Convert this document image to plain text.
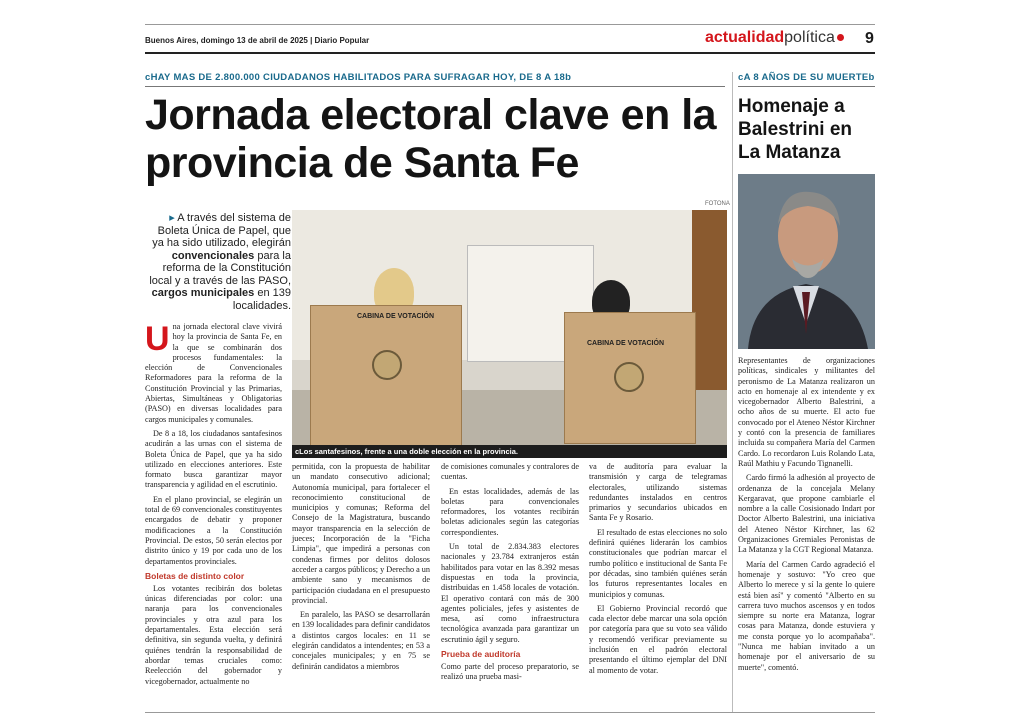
Buenos Aires, domingo 13 de abril de 2025 | Diario Popular	actualidadpolítica	9
cHAY MAS DE 2.800.000 CIUDADANOS HABILITADOS PARA SUFRAGAR HOY, DE 8 A 18b	cA 8 AÑOS DE SU MUERTEb
Jornada electoral clave en la provincia de Santa Fe
Homenaje a Balestrini en La Matanza
▸ A través del sistema de Boleta Única de Papel, que ya ha sido utilizado, elegirán convencionales para la reforma de la Constitución local y a través de las PASO, cargos municipales en 139 localidades.
FOTONA
CABINA DE VOTACIÓN
CABINA DE VOTACIÓN
cLos santafesinos, frente a una doble elección en la provincia.
U na jornada electoral clave vivirá hoy la provincia de Santa Fe, en la que se combinarán dos procesos fundamentales: la elección de Convencionales Reformadores para la reforma de la Constitución Provincial y las Primarias, Abiertas, Simultáneas y Obligatorias (PASO) en diversas localidades para cargos municipales y comunales.

De 8 a 18, los ciudadanos santafesinos acudirán a las urnas con el sistema de Boleta Única de Papel, que ya ha sido utilizado en elecciones anteriores. Este formato busca garantizar mayor transparencia y agilidad en el escrutinio.

En el plano provincial, se elegirán un total de 69 convencionales constituyentes encargados de debatir y proponer modificaciones a la Constitución Provincial. De estos, 50 serán electos por distrito único y 19 por cada uno de los departamentos provinciales.

Boletas de distinto color

Los votantes recibirán dos boletas únicas diferenciadas por color: una naranja para los convencionales provinciales y otra azul para los departamentales. Esta elección será definitiva, sin segunda vuelta, y definirá quiénes tendrán la responsabilidad de abordar temas cruciales como: Reelección del gobernador y vicegobernador, actualmente no

permitida, con la propuesta de habilitar un mandato consecutivo adicional; Autonomía municipal, para fortalecer el reconocimiento constitucional de municipios y comunas; Reforma del Consejo de la Magistratura, buscando mayor transparencia en la selección de jueces; Incorporación de la "Ficha Limpia", que impedirá a personas con condenas firmes por delitos dolosos acceder a cargos públicos; y Derecho a un ambiente sano y mecanismos de participación ciudadana en el presupuesto provincial.

En paralelo, las PASO se desarrollarán en 139 localidades para definir candidatos a distintos cargos locales: en 11 se elegirán candidatos a intendentes; en 53 a concejales municipales; y en 75 se definirán candidatos a miembros

de comisiones comunales y contralores de cuentas.

En estas localidades, además de las boletas para convencionales reformadores, los votantes recibirán boletas adicionales según las categorías correspondientes.

Un total de 2.834.383 electores nacionales y 23.784 extranjeros están habilitados para votar en las 8.392 mesas dispuestas en toda la provincia, distribuidas en 1.458 locales de votación. El operativo contará con más de 300 agentes policiales, jefes y asistentes de mesa, así como infraestructura tecnológica avanzada para garantizar un escrutinio ágil y seguro.

Prueba de auditoría

Como parte del proceso preparatorio, se realizó una prueba masi-

va de auditoría para evaluar la transmisión y carga de telegramas electorales, utilizando sistemas redundantes instalados en centros primarios y secundarios ubicados en Santa Fe y Rosario.

El resultado de estas elecciones no solo definirá quiénes liderarán los cambios constitucionales que podrían marcar el rumbo político e institucional de Santa Fe por décadas, sino también quiénes serán los futuros representantes locales en municipios y comunas.

El Gobierno Provincial recordó que cada elector debe marcar una sola opción por categoría para que su voto sea válido y recomendó verificar previamente su inclusión en el padrón electoral presentando el último ejemplar del DNI al momento de votar.

Representantes de organizaciones políticas, sindicales y militantes del peronismo de La Matanza realizaron un acto en homenaje al ex intendente y ex vicegobernador Alberto Balestrini, a ocho años de su muerte. El acto fue convocado por el Ateneo Néstor Kirchner y contó con la presencia de familiares incluida su compañera María del Carmen Cardo. Lo recordaron Luis Rolando Lata, Raúl Mathiu y Facundo Tignanelli.

Cardo firmó la adhesión al proyecto de ordenanza de la concejala Melany Kergaravat, que propone cambiarle el nombre a la calle Cosisionado Indart por Doctor Alberto Balestrini, una iniciativa del Ateneo Néstor Kirchner, las 62 Organizaciones Gremiales Peronistas de La Matanza y la CGT Regional Matanza.

María del Carmen Cardo agradeció el homenaje y sostuvo: "Yo creo que Alberto lo merece y sí la gente lo quiere está bien así" y comentó "Alberto en su carrera tuvo muchos ascensos y en todos siempre su norte era Matanza, lograr cosas para Matanza, donde estuviera y me consta porque yo lo acompañaba". "Nunca me habían invitado a un homenaje por el aniversario de su muerte", comentó.
